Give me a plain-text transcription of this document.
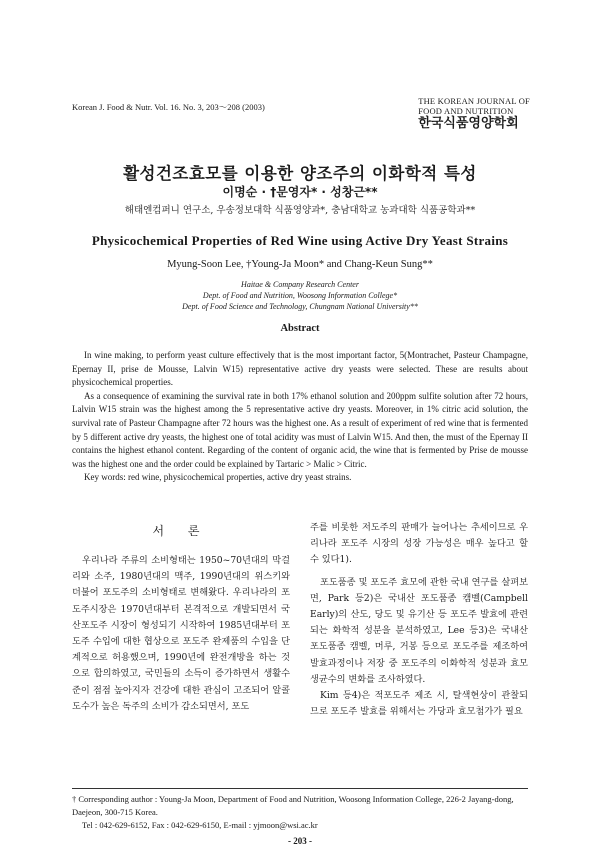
Korean J. Food & Nutr. Vol. 16. No. 3, 203～208 (2003)
THE KOREAN JOURNAL OF
FOOD AND NUTRITION
한국식품영양학회
활성건조효모를 이용한 양조주의 이화학적 특성
이명순 · †문영자* · 성창근**
해태엔컴퍼니 연구소, 우송정보대학 식품영양과*, 충남대학교 농과대학 식품공학과**
Physicochemical Properties of Red Wine using Active Dry Yeast Strains
Myung-Soon Lee, †Young-Ja Moon* and Chang-Keun Sung**
Haitae & Company Research Center
Dept. of Food and Nutrition, Woosong Information College*
Dept. of Food Science and Technology, Chungnam National University**
Abstract

In wine making, to perform yeast culture effectively that is the most important factor, 5(Montrachet, Pasteur Champagne, Epernay II, prise de Mousse, Lalvin W15) representative active dry yeasts were selected. These are results about physicochemical properties.

As a consequence of examining the survival rate in both 17% ethanol solution and 200ppm sulfite solution after 72 hours, Lalvin W15 strain was the highest among the 5 representative active dry yeasts. Moreover, in 1% citric acid solution, the survival rate of Pasteur Champagne after 72 hours was the highest one. As a result of experiment of red wine that is fermented by 5 different active dry yeasts, the highest one of total acidity was must of Lalvin W15. And then, the must of the Epernay II contains the highest ethanol content. Regarding of the content of organic acid, the wine that is fermented by Prise de mousse was the highest one and the order could be explained by Tartaric > Malic > Citric.

Key words: red wine, physicochemical properties, active dry yeast strains.

서 론

우리나라 주류의 소비형태는 1950~70년대의 막걸리와 소주, 1980년대의 맥주, 1990년대의 위스키와 더불어 포도주의 소비형태로 변해왔다. 우리나라의 포도주시장은 1970년대부터 본격적으로 개발되면서 국산포도주 시장이 형성되기 시작하여 1985년대부터 포도주 수입에 대한 협상으로 포도주 완제품의 수입을 단계적으로 허용했으며, 1990년에 완전개방을 하는 것으로 합의하였고, 국민들의 소득이 증가하면서 생활수준이 점점 높아지자 건강에 대한 관심이 고조되어 알콜도수가 높은 독주의 소비가 감소되면서, 포도

주를 비롯한 저도주의 판매가 늘어나는 추세이므로 우리나라 포도주 시장의 성장 가능성은 매우 높다고 할 수 있다1).

포도품종 및 포도주 효모에 관한 국내 연구를 살펴보면, Park 등2)은 국내산 포도품종 캠벨(Campbell Early)의 산도, 당도 및 유기산 등 포도주 발효에 관련되는 화학적 성분을 분석하였고, Lee 등3)은 국내산 포도품종 캠벨, 머루, 거봉 등으로 포도주를 제조하여 발효과정이나 저장 중 포도주의 이화학적 성분과 효모 생균수의 변화를 조사하였다.

Kim 등4)은 적포도주 제조 시, 탈색현상이 관찰되므로 포도주 발효를 위해서는 가당과 효모첨가가 필요

† Corresponding author : Young-Ja Moon, Department of Food and Nutrition, Woosong Information College, 226-2 Jayang-dong, Daejeon, 300-715 Korea.
Tel : 042-629-6152, Fax : 042-629-6150, E-mail : yjmoon@wsi.ac.kr
- 203 -
